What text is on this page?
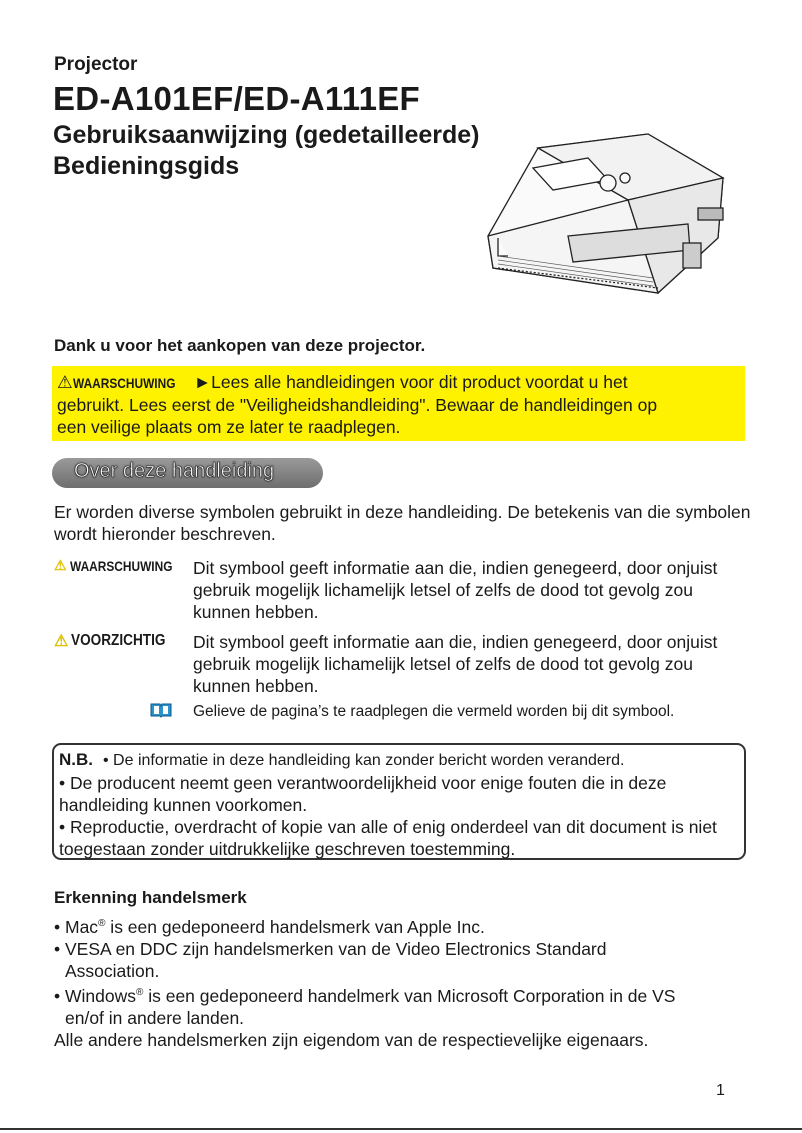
Projector
ED-A101EF/ED-A111EF
Gebruiksaanwijzing (gedetailleerde)
Bedieningsgids
Dank u voor het aankopen van deze projector.
⚠WAARSCHUWING ►Lees alle handleidingen voor dit product voordat u het
gebruikt. Lees eerst de "Veiligheidshandleiding". Bewaar de handleidingen op
een veilige plaats om ze later te raadplegen.
Over deze handleiding
Er worden diverse symbolen gebruikt in deze handleiding. De betekenis van die symbolen wordt hieronder beschreven.
⚠ WAARSCHUWING Dit symbool geeft informatie aan die, indien genegeerd, door onjuist gebruik mogelijk lichamelijk letsel of zelfs de dood tot gevolg zou kunnen hebben.
⚠ VOORZICHTIG Dit symbool geeft informatie aan die, indien genegeerd, door onjuist gebruik mogelijk lichamelijk letsel of zelfs de dood tot gevolg zou kunnen hebben.
Gelieve de pagina’s te raadplegen die vermeld worden bij dit symbool.
N.B. • De informatie in deze handleiding kan zonder bericht worden veranderd.
• De producent neemt geen verantwoordelijkheid voor enige fouten die in deze handleiding kunnen voorkomen.
• Reproductie, overdracht of kopie van alle of enig onderdeel van dit document is niet toegestaan zonder uitdrukkelijke geschreven toestemming.
Erkenning handelsmerk
• Mac® is een gedeponeerd handelsmerk van Apple Inc.
• VESA en DDC zijn handelsmerken van de Video Electronics Standard
Association.
• Windows® is een gedeponeerd handelmerk van Microsoft Corporation in de VS
en/of in andere landen.
Alle andere handelsmerken zijn eigendom van de respectievelijke eigenaars.
1
